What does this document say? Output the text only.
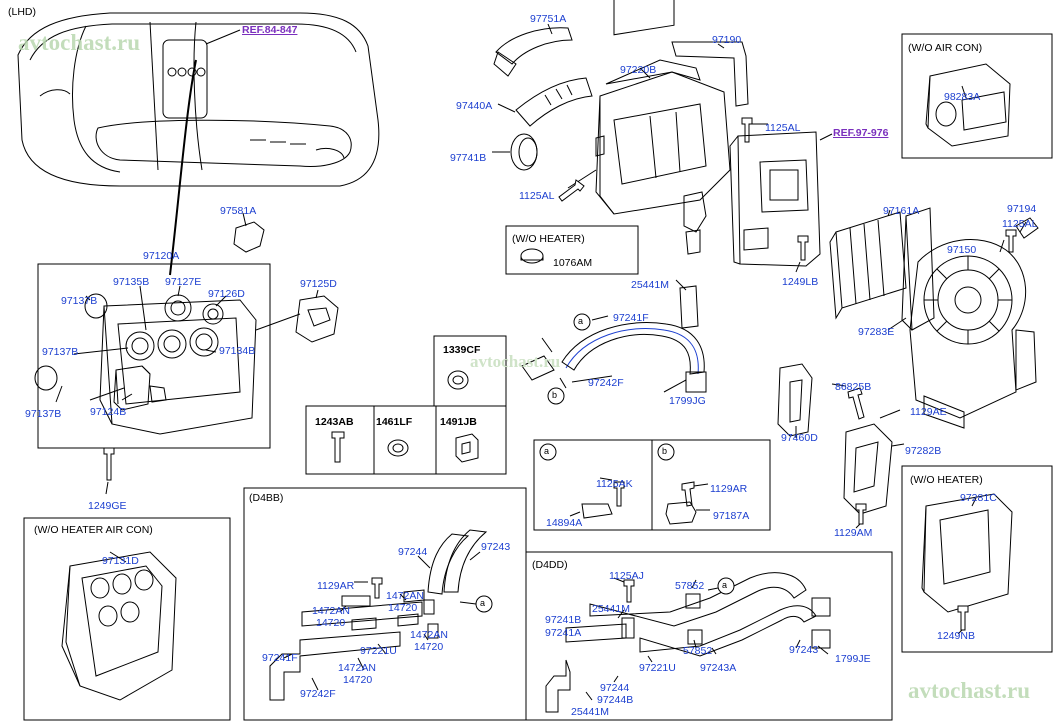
(LHD)
REF.84-847
97581A
97120A
97137B
97135B 97127E
97126D
97125D
97137B	97134B
97137B	97124B
1249GE
(W/O HEATER AIR CON)
97131D
(D4BB)
97244	97243
1129AR
1472AN
14720
1472AN
14720
1472AN
14720
97221U
1472AN
14720
97241F
97242F
97751A
97190
97220B
97440A
1125AL	REF.97-976
97741B
1125AL
(W/O HEATER)
1076AM
25441M
97241F
97242F
1799JG
1339CF
1243AB 1461LF	1491JB
1249LB
97161A
97283E
97150
97194
1125AL
1129AE
97282B
86825B
97460D
1129AM
(W/O AIR CON)
98283A
(W/O HEATER)
97281C
1249NB
1125AK
14894A
1129AR
97187A
(D4DD)
1125AJ
57852
97241B
97241A
25441M
57852	97243
1799JE
97221U 97243A
97244
97244B
25441M
a
b
a	b
a
a
avtochast.ru
avtochast.ru
avtochast.ru
